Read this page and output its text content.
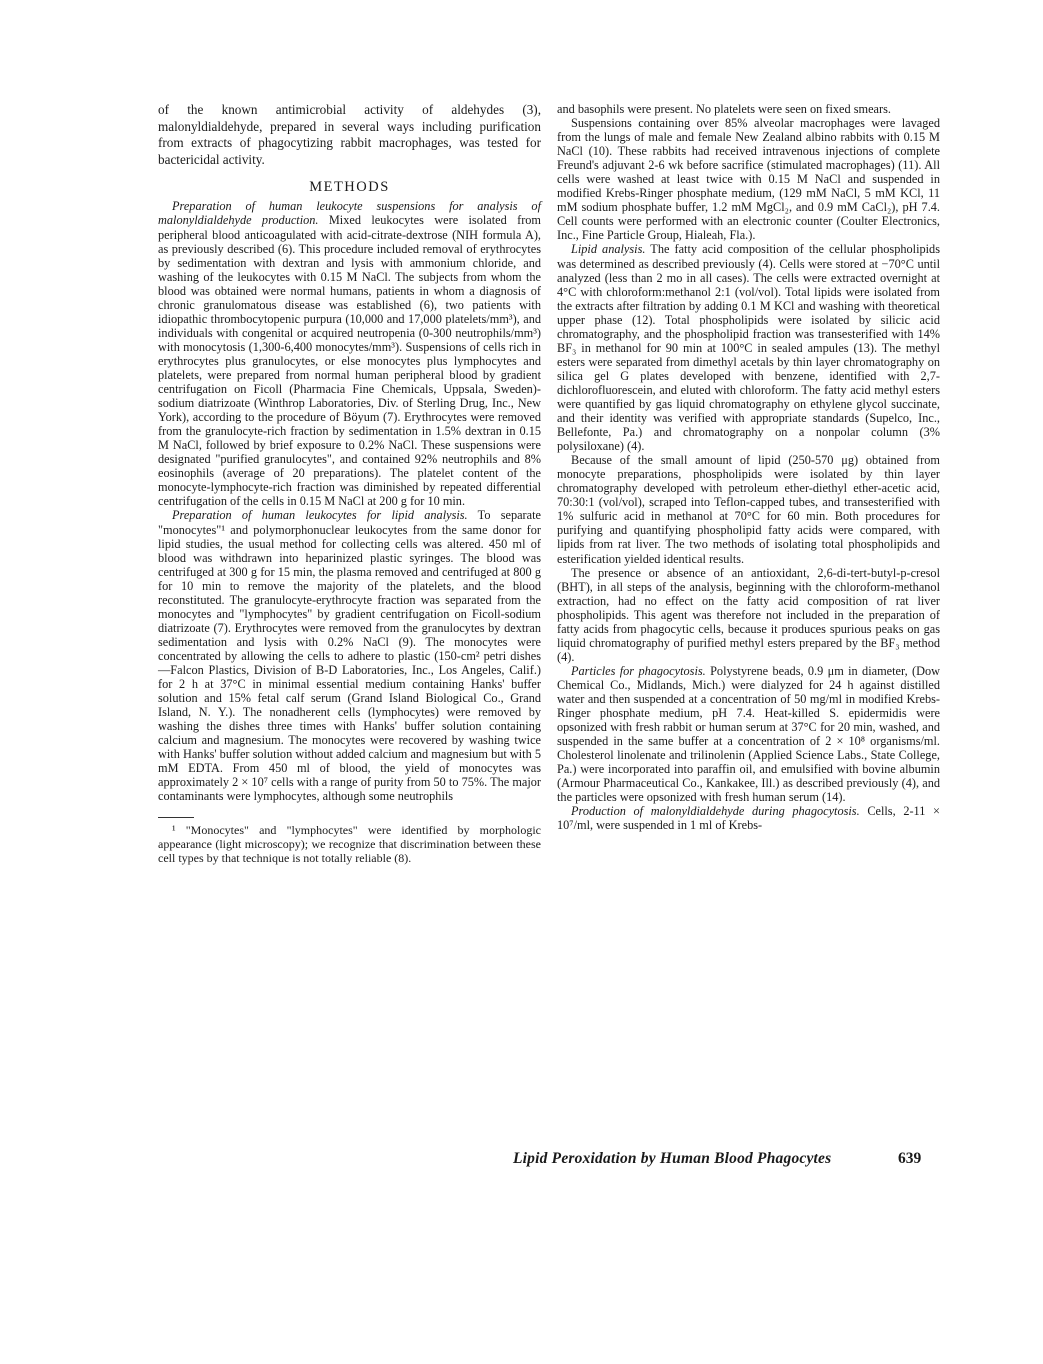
of the known antimicrobial activity of aldehydes (3), malonyldialdehyde, prepared in several ways including purification from extracts of phagocytizing rabbit macrophages, was tested for bactericidal activity.

METHODS

Preparation of human leukocyte suspensions for analysis of malonyldialdehyde production. Mixed leukocytes were isolated from peripheral blood anticoagulated with acid-citrate-dextrose (NIH formula A), as previously described (6). This procedure included removal of erythrocytes by sedimentation with dextran and lysis with ammonium chloride, and washing of the leukocytes with 0.15 M NaCl. The subjects from whom the blood was obtained were normal humans, patients in whom a diagnosis of chronic granulomatous disease was established (6), two patients with idiopathic thrombocytopenic purpura (10,000 and 17,000 platelets/mm³), and individuals with congenital or acquired neutropenia (0-300 neutrophils/mm³) with monocytosis (1,300-6,400 monocytes/mm³). Suspensions of cells rich in erythrocytes plus granulocytes, or else monocytes plus lymphocytes and platelets, were prepared from normal human peripheral blood by gradient centrifugation on Ficoll (Pharmacia Fine Chemicals, Uppsala, Sweden)-sodium diatrizoate (Winthrop Laboratories, Div. of Sterling Drug, Inc., New York), according to the procedure of Böyum (7). Erythrocytes were removed from the granulocyte-rich fraction by sedimentation in 1.5% dextran in 0.15 M NaCl, followed by brief exposure to 0.2% NaCl. These suspensions were designated "purified granulocytes", and contained 92% neutrophils and 8% eosinophils (average of 20 preparations). The platelet content of the monocyte-lymphocyte-rich fraction was diminished by repeated differential centrifugation of the cells in 0.15 M NaCl at 200 g for 10 min.

Preparation of human leukocytes for lipid analysis. To separate "monocytes"¹ and polymorphonuclear leukocytes from the same donor for lipid studies, the usual method for collecting cells was altered. 450 ml of blood was withdrawn into heparinized plastic syringes. The blood was centrifuged at 300 g for 15 min, the plasma removed and centrifuged at 800 g for 10 min to remove the majority of the platelets, and the blood reconstituted. The granulocyte-erythrocyte fraction was separated from the monocytes and "lymphocytes" by gradient centrifugation on Ficoll-sodium diatrizoate (7). Erythrocytes were removed from the granulocytes by dextran sedimentation and lysis with 0.2% NaCl (9). The monocytes were concentrated by allowing the cells to adhere to plastic (150-cm² petri dishes—Falcon Plastics, Division of B-D Laboratories, Inc., Los Angeles, Calif.) for 2 h at 37°C in minimal essential medium containing Hanks' buffer solution and 15% fetal calf serum (Grand Island Biological Co., Grand Island, N. Y.). The nonadherent cells (lymphocytes) were removed by washing the dishes three times with Hanks' buffer solution containing calcium and magnesium. The monocytes were recovered by washing twice with Hanks' buffer solution without added calcium and magnesium but with 5 mM EDTA. From 450 ml of blood, the yield of monocytes was approximately 2 × 10⁷ cells with a range of purity from 50 to 75%. The major contaminants were lymphocytes, although some neutrophils

¹ "Monocytes" and "lymphocytes" were identified by morphologic appearance (light microscopy); we recognize that discrimination between these cell types by that technique is not totally reliable (8).

and basophils were present. No platelets were seen on fixed smears.

Suspensions containing over 85% alveolar macrophages were lavaged from the lungs of male and female New Zealand albino rabbits with 0.15 M NaCl (10). These rabbits had received intravenous injections of complete Freund's adjuvant 2-6 wk before sacrifice (stimulated macrophages) (11). All cells were washed at least twice with 0.15 M NaCl and suspended in modified Krebs-Ringer phosphate medium, (129 mM NaCl, 5 mM KCl, 11 mM sodium phosphate buffer, 1.2 mM MgCl₂, and 0.9 mM CaCl₂), pH 7.4. Cell counts were performed with an electronic counter (Coulter Electronics, Inc., Fine Particle Group, Hialeah, Fla.).

Lipid analysis. The fatty acid composition of the cellular phospholipids was determined as described previously (4). Cells were stored at −70°C until analyzed (less than 2 mo in all cases). The cells were extracted overnight at 4°C with chloroform:methanol 2:1 (vol/vol). Total lipids were isolated from the extracts after filtration by adding 0.1 M KCl and washing with theoretical upper phase (12). Total phospholipids were isolated by silicic acid chromatography, and the phospholipid fraction was transesterified with 14% BF₃ in methanol for 90 min at 100°C in sealed ampules (13). The methyl esters were separated from dimethyl acetals by thin layer chromatography on silica gel G plates developed with benzene, identified with 2,7-dichlorofluorescein, and eluted with chloroform. The fatty acid methyl esters were quantified by gas liquid chromatography on ethylene glycol succinate, and their identity was verified with appropriate standards (Supelco, Inc., Bellefonte, Pa.) and chromatography on a nonpolar column (3% polysiloxane) (4).

Because of the small amount of lipid (250-570 μg) obtained from monocyte preparations, phospholipids were isolated by thin layer chromatography developed with petroleum ether-diethyl ether-acetic acid, 70:30:1 (vol/vol), scraped into Teflon-capped tubes, and transesterified with 1% sulfuric acid in methanol at 70°C for 60 min. Both procedures for purifying and quantifying phospholipid fatty acids were compared, with lipids from rat liver. The two methods of isolating total phospholipids and esterification yielded identical results.

The presence or absence of an antioxidant, 2,6-di-tert-butyl-p-cresol (BHT), in all steps of the analysis, beginning with the chloroform-methanol extraction, had no effect on the fatty acid composition of rat liver phospholipids. This agent was therefore not included in the preparation of fatty acids from phagocytic cells, because it produces spurious peaks on gas liquid chromatography of purified methyl esters prepared by the BF₃ method (4).

Particles for phagocytosis. Polystyrene beads, 0.9 μm in diameter, (Dow Chemical Co., Midlands, Mich.) were dialyzed for 24 h against distilled water and then suspended at a concentration of 50 mg/ml in modified Krebs-Ringer phosphate medium, pH 7.4. Heat-killed S. epidermidis were opsonized with fresh rabbit or human serum at 37°C for 20 min, washed, and suspended in the same buffer at a concentration of 2 × 10⁸ organisms/ml. Cholesterol linolenate and trilinolenin (Applied Science Labs., State College, Pa.) were incorporated into paraffin oil, and emulsified with bovine albumin (Armour Pharmaceutical Co., Kankakee, Ill.) as described previously (4), and the particles were opsonized with fresh human serum (14).

Production of malonyldialdehyde during phagocytosis. Cells, 2-11 × 10⁷/ml, were suspended in 1 ml of Krebs-

Lipid Peroxidation by Human Blood Phagocytes	639
